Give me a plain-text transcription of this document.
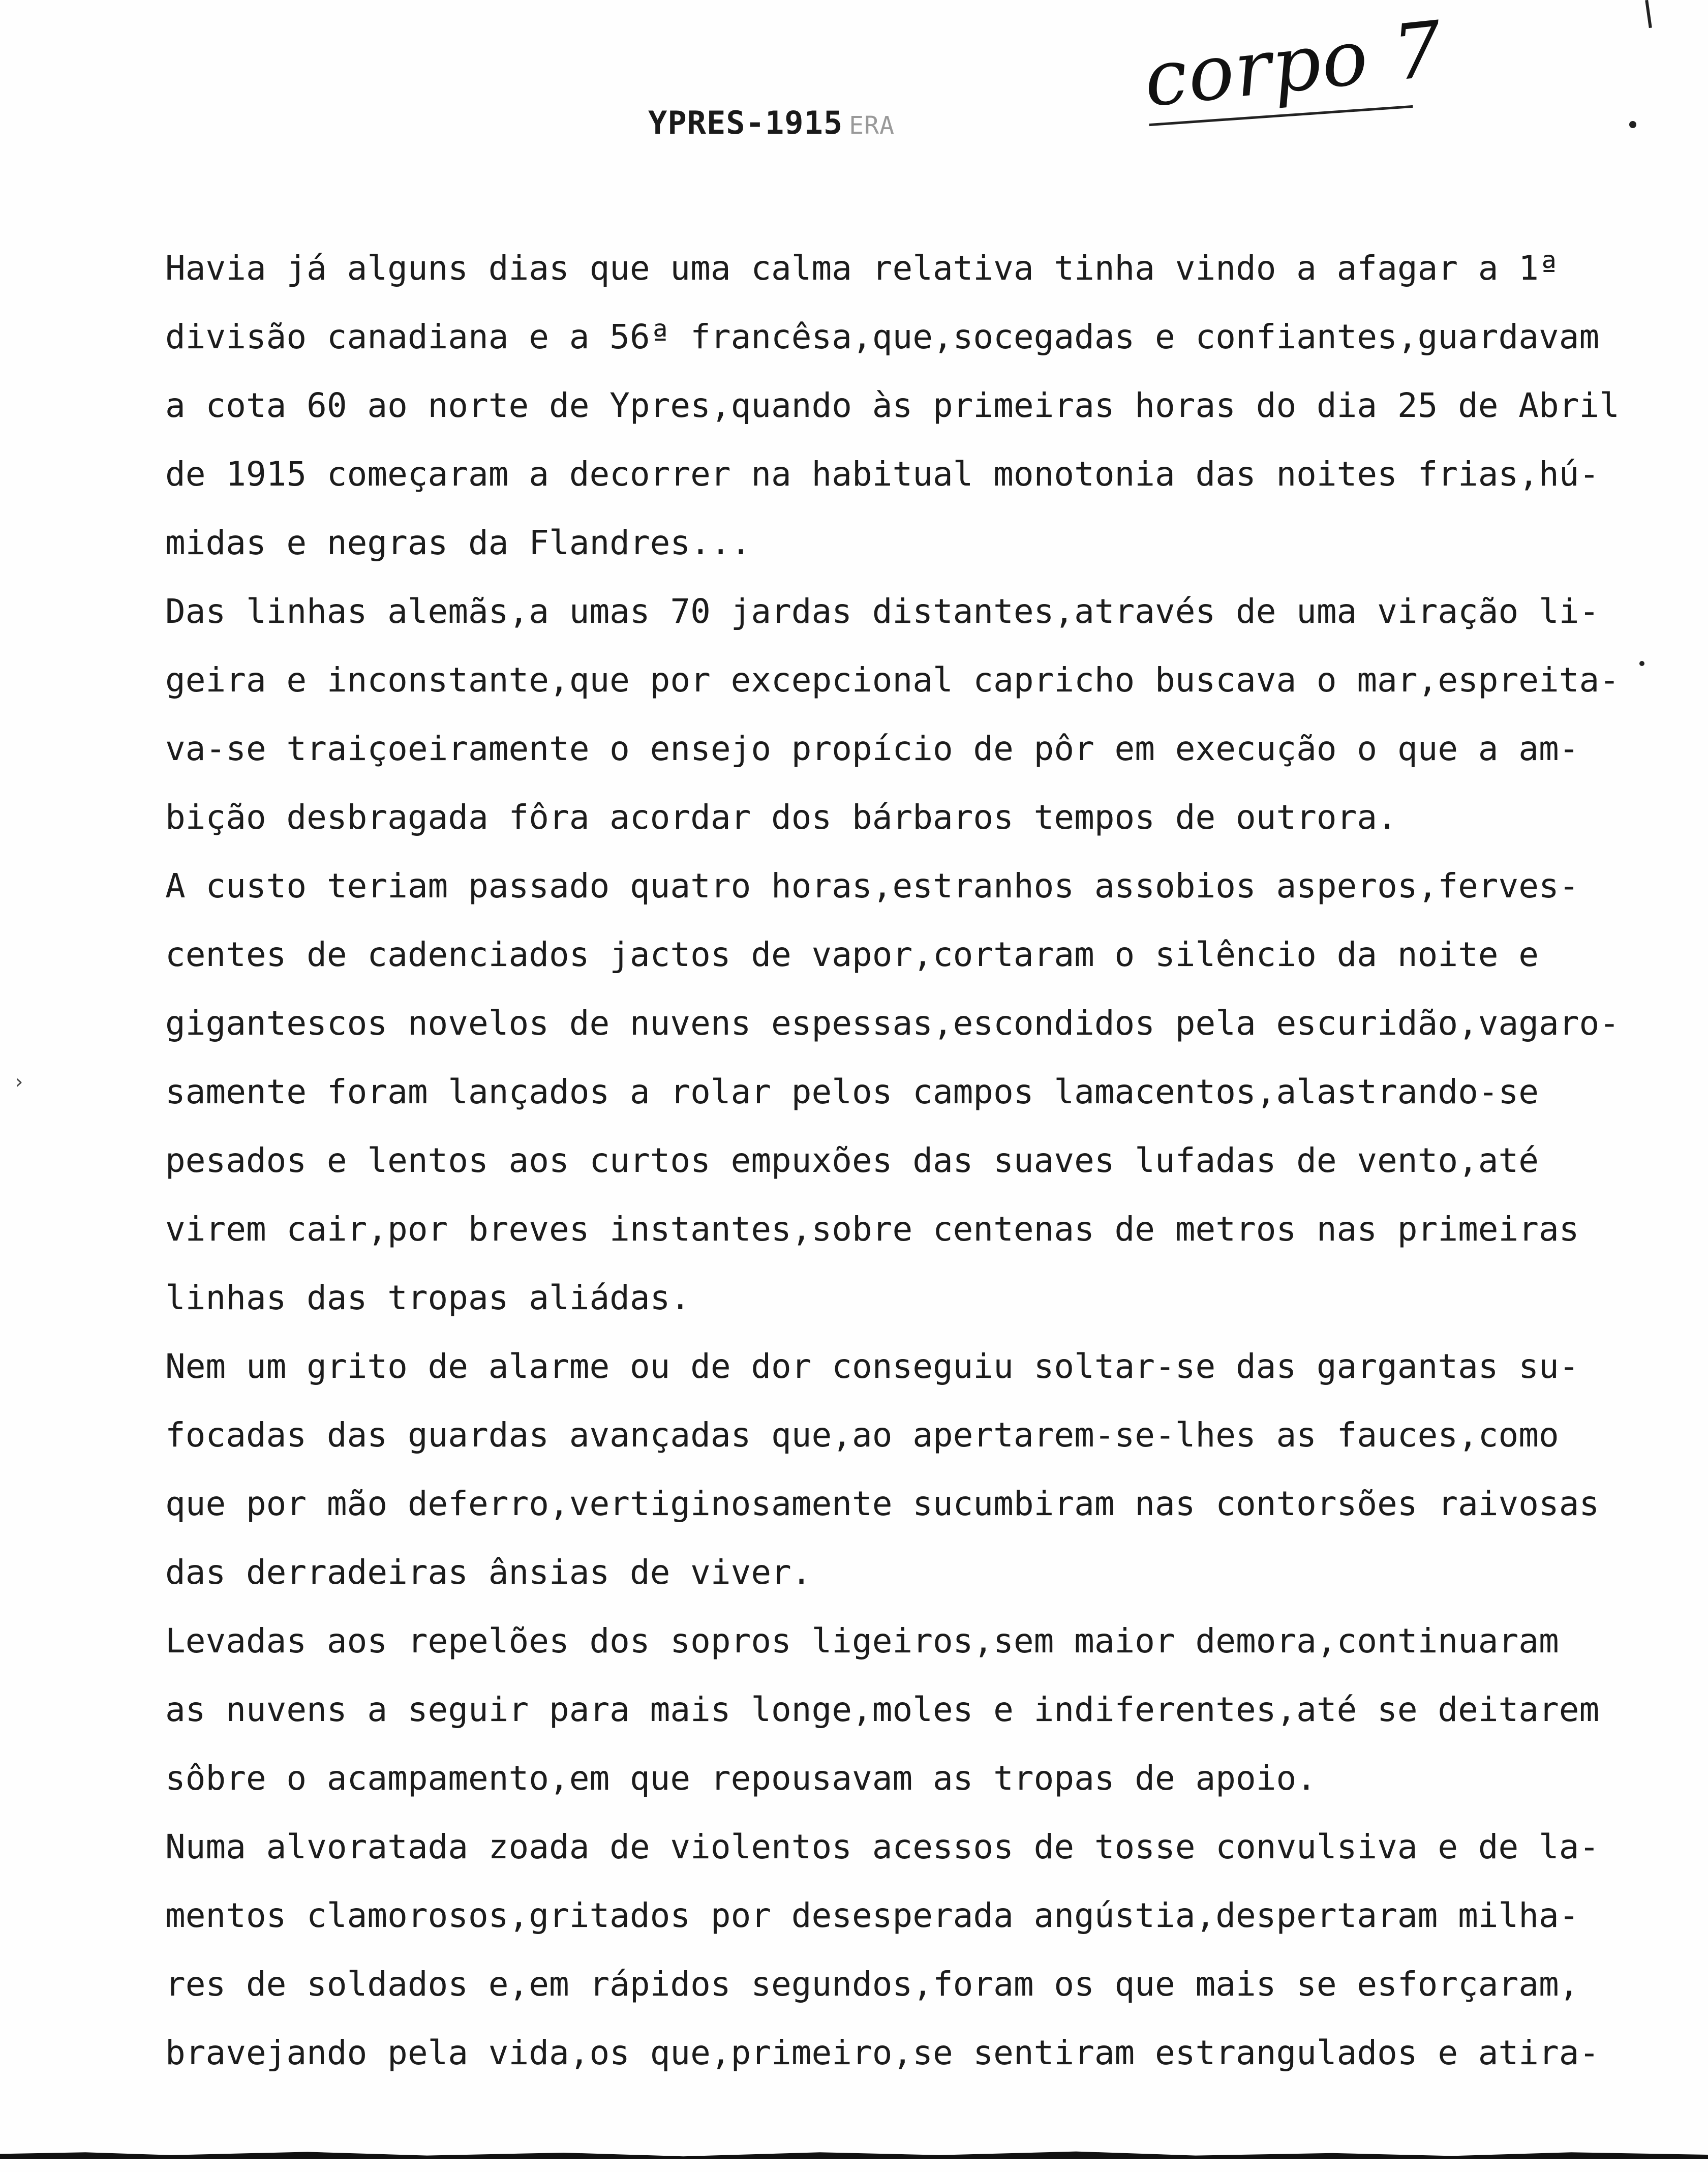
corpo 7
YPRES-1915 ERA
›
Havia já alguns dias que uma calma relativa tinha vindo a afagar a 1ª
divisão canadiana e a 56ª francêsa,que,socegadas e confiantes,guardavam
a cota 60 ao norte de Ypres,quando às primeiras horas do dia 25 de Abril
de 1915 começaram a decorrer na habitual monotonia das noites frias,hú-
midas e negras da Flandres...
Das linhas alemãs,a umas 70 jardas distantes,através de uma viração li-
geira e inconstante,que por excepcional capricho buscava o mar,espreita-
va-se traiçoeiramente o ensejo propício de pôr em execução o que a am-
bição desbragada fôra acordar dos bárbaros tempos de outrora.
A custo teriam passado quatro horas,estranhos assobios asperos,ferves-
centes de cadenciados jactos de vapor,cortaram o silêncio da noite e
gigantescos novelos de nuvens espessas,escondidos pela escuridão,vagaro-
samente foram lançados a rolar pelos campos lamacentos,alastrando-se
pesados e lentos aos curtos empuxões das suaves lufadas de vento,até
virem cair,por breves instantes,sobre centenas de metros nas primeiras
linhas das tropas aliádas.
Nem um grito de alarme ou de dor conseguiu soltar-se das gargantas su-
focadas das guardas avançadas que,ao apertarem-se-lhes as fauces,como
que por mão deferro,vertiginosamente sucumbiram nas contorsões raivosas
das derradeiras ânsias de viver.
Levadas aos repelões dos sopros ligeiros,sem maior demora,continuaram
as nuvens a seguir para mais longe,moles e indiferentes,até se deitarem
sôbre o acampamento,em que repousavam as tropas de apoio.
Numa alvoratada zoada de violentos acessos de tosse convulsiva e de la-
mentos clamorosos,gritados por desesperada angústia,despertaram milha-
res de soldados e,em rápidos segundos,foram os que mais se esforçaram,
bravejando pela vida,os que,primeiro,se sentiram estrangulados e atira-
